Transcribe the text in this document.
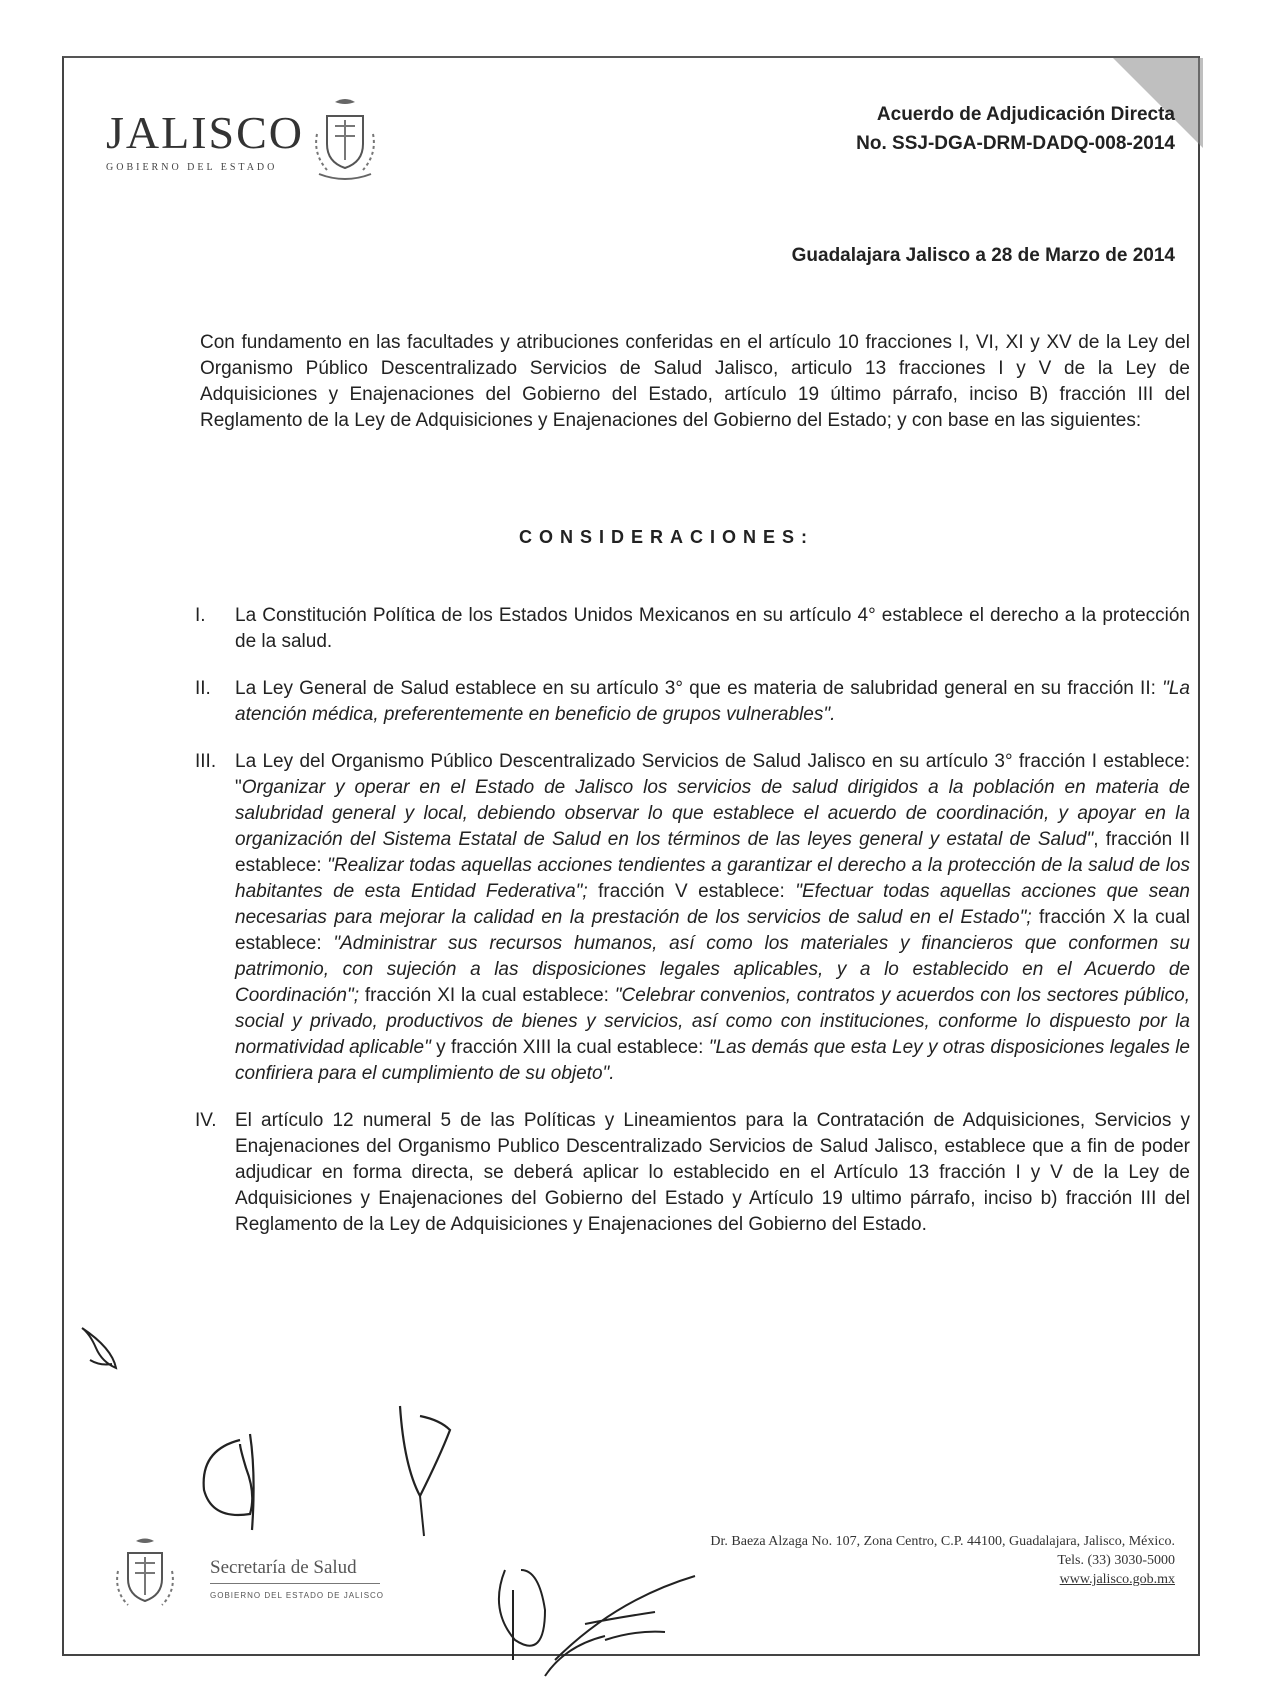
JALISCO
GOBIERNO DEL ESTADO
Acuerdo de Adjudicación Directa
No. SSJ-DGA-DRM-DADQ-008-2014
Guadalajara Jalisco a 28 de Marzo de 2014
Con fundamento en las facultades y atribuciones conferidas en el artículo 10 fracciones I, VI, XI y XV de la Ley del Organismo Público Descentralizado Servicios de Salud Jalisco, articulo 13 fracciones I y V de la Ley de Adquisiciones y Enajenaciones del Gobierno del Estado, artículo 19 último párrafo, inciso B) fracción III del Reglamento de la Ley de Adquisiciones y Enajenaciones del Gobierno del Estado; y con base en las siguientes:
CONSIDERACIONES:
I.	La Constitución Política de los Estados Unidos Mexicanos en su artículo 4° establece el derecho a la protección de la salud.
II.	La Ley General de Salud establece en su artículo 3° que es materia de salubridad general en su fracción II: "La atención médica, preferentemente en beneficio de grupos vulnerables".
III. La Ley del Organismo Público Descentralizado Servicios de Salud Jalisco en su artículo 3° fracción I establece: "Organizar y operar en el Estado de Jalisco los servicios de salud dirigidos a la población en materia de salubridad general y local, debiendo observar lo que establece el acuerdo de coordinación, y apoyar en la organización del Sistema Estatal de Salud en los términos de las leyes general y estatal de Salud", fracción II establece: "Realizar todas aquellas acciones tendientes a garantizar el derecho a la protección de la salud de los habitantes de esta Entidad Federativa"; fracción V establece: "Efectuar todas aquellas acciones que sean necesarias para mejorar la calidad en la prestación de los servicios de salud en el Estado"; fracción X la cual establece: "Administrar sus recursos humanos, así como los materiales y financieros que conformen su patrimonio, con sujeción a las disposiciones legales aplicables, y a lo establecido en el Acuerdo de Coordinación"; fracción XI la cual establece: "Celebrar convenios, contratos y acuerdos con los sectores público, social y privado, productivos de bienes y servicios, así como con instituciones, conforme lo dispuesto por la normatividad aplicable" y fracción XIII la cual establece: "Las demás que esta Ley y otras disposiciones legales le confiriera para el cumplimiento de su objeto".
IV. El artículo 12 numeral 5 de las Políticas y Lineamientos para la Contratación de Adquisiciones, Servicios y Enajenaciones del Organismo Publico Descentralizado Servicios de Salud Jalisco, establece que a fin de poder adjudicar en forma directa, se deberá aplicar lo establecido en el Artículo 13 fracción I y V de la Ley de Adquisiciones y Enajenaciones del Gobierno del Estado y Artículo 19 ultimo párrafo, inciso b) fracción III del Reglamento de la Ley de Adquisiciones y Enajenaciones del Gobierno del Estado.
Secretaría de Salud
GOBIERNO DEL ESTADO DE JALISCO
Dr. Baeza Alzaga No. 107, Zona Centro, C.P. 44100, Guadalajara, Jalisco, México.
Tels. (33) 3030-5000
www.jalisco.gob.mx
